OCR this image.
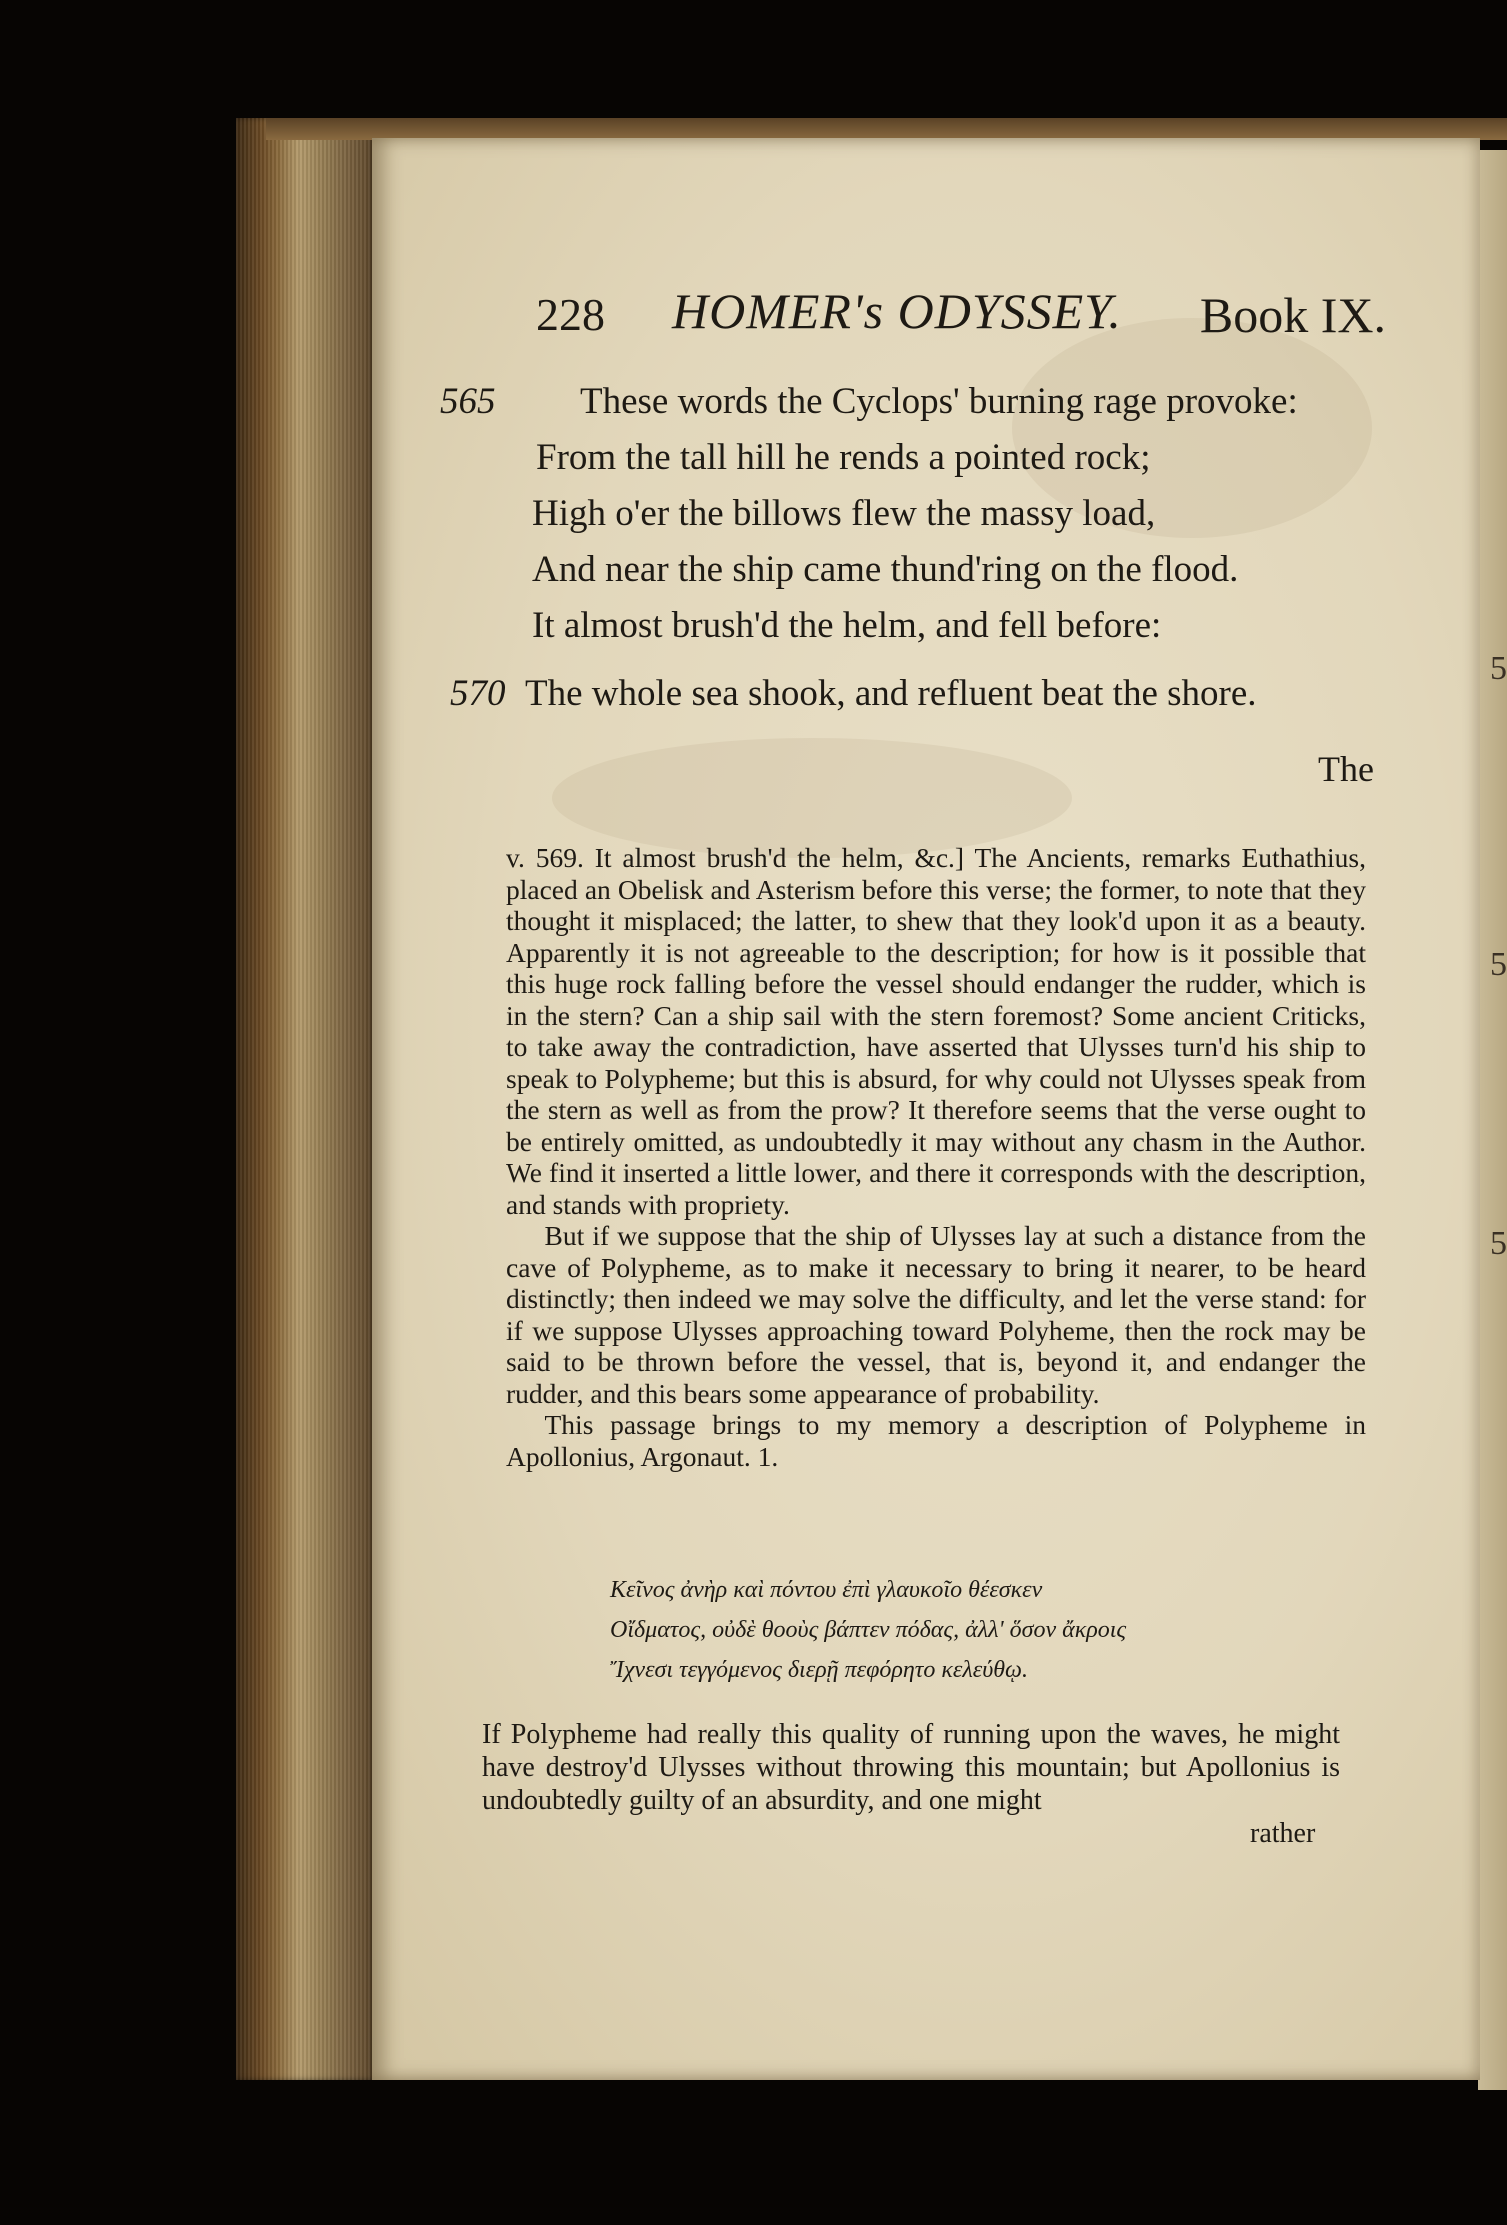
5
5
5
228 HOMER's ODYSSEY. Book IX.
565 These words the Cyclops' burning rage provoke:
From the tall hill he rends a pointed rock;
High o'er the billows flew the massy load,
And near the ship came thund'ring on the flood.
It almost brush'd the helm, and fell before:
570 The whole sea shook, and refluent beat the shore.
The

v. 569. It almost brush'd the helm, &c.] The Ancients, remarks Euthathius, placed an Obelisk and Asterism before this verse; the former, to note that they thought it misplaced; the latter, to shew that they look'd upon it as a beauty. Apparently it is not agreeable to the description; for how is it possible that this huge rock falling before the vessel should endanger the rudder, which is in the stern? Can a ship sail with the stern foremost? Some ancient Criticks, to take away the contradiction, have asserted that Ulysses turn'd his ship to speak to Polypheme; but this is absurd, for why could not Ulysses speak from the stern as well as from the prow? It therefore seems that the verse ought to be entirely omitted, as undoubtedly it may without any chasm in the Author. We find it inserted a little lower, and there it corresponds with the description, and stands with propriety.

But if we suppose that the ship of Ulysses lay at such a distance from the cave of Polypheme, as to make it necessary to bring it nearer, to be heard distinctly; then indeed we may solve the difficulty, and let the verse stand: for if we suppose Ulysses approaching toward Polyheme, then the rock may be said to be thrown before the vessel, that is, beyond it, and endanger the rudder, and this bears some appearance of probability.

This passage brings to my memory a description of Polypheme in Apollonius, Argonaut. 1.

Κεῖνος ἀνὴρ καὶ πόντου ἐπὶ γλαυκοῖο θέεσκεν
Οἴδματος, οὐδὲ θοοὺς βάπτεν πόδας, ἀλλ' ὅσον ἄκροις
Ἴχνεσι τεγγόμενος διερῇ πεφόρητο κελεύθῳ.
If Polypheme had really this quality of running upon the waves, he might have destroy'd Ulysses without throwing this mountain; but Apollonius is undoubtedly guilty of an absurdity, and one might
rather
